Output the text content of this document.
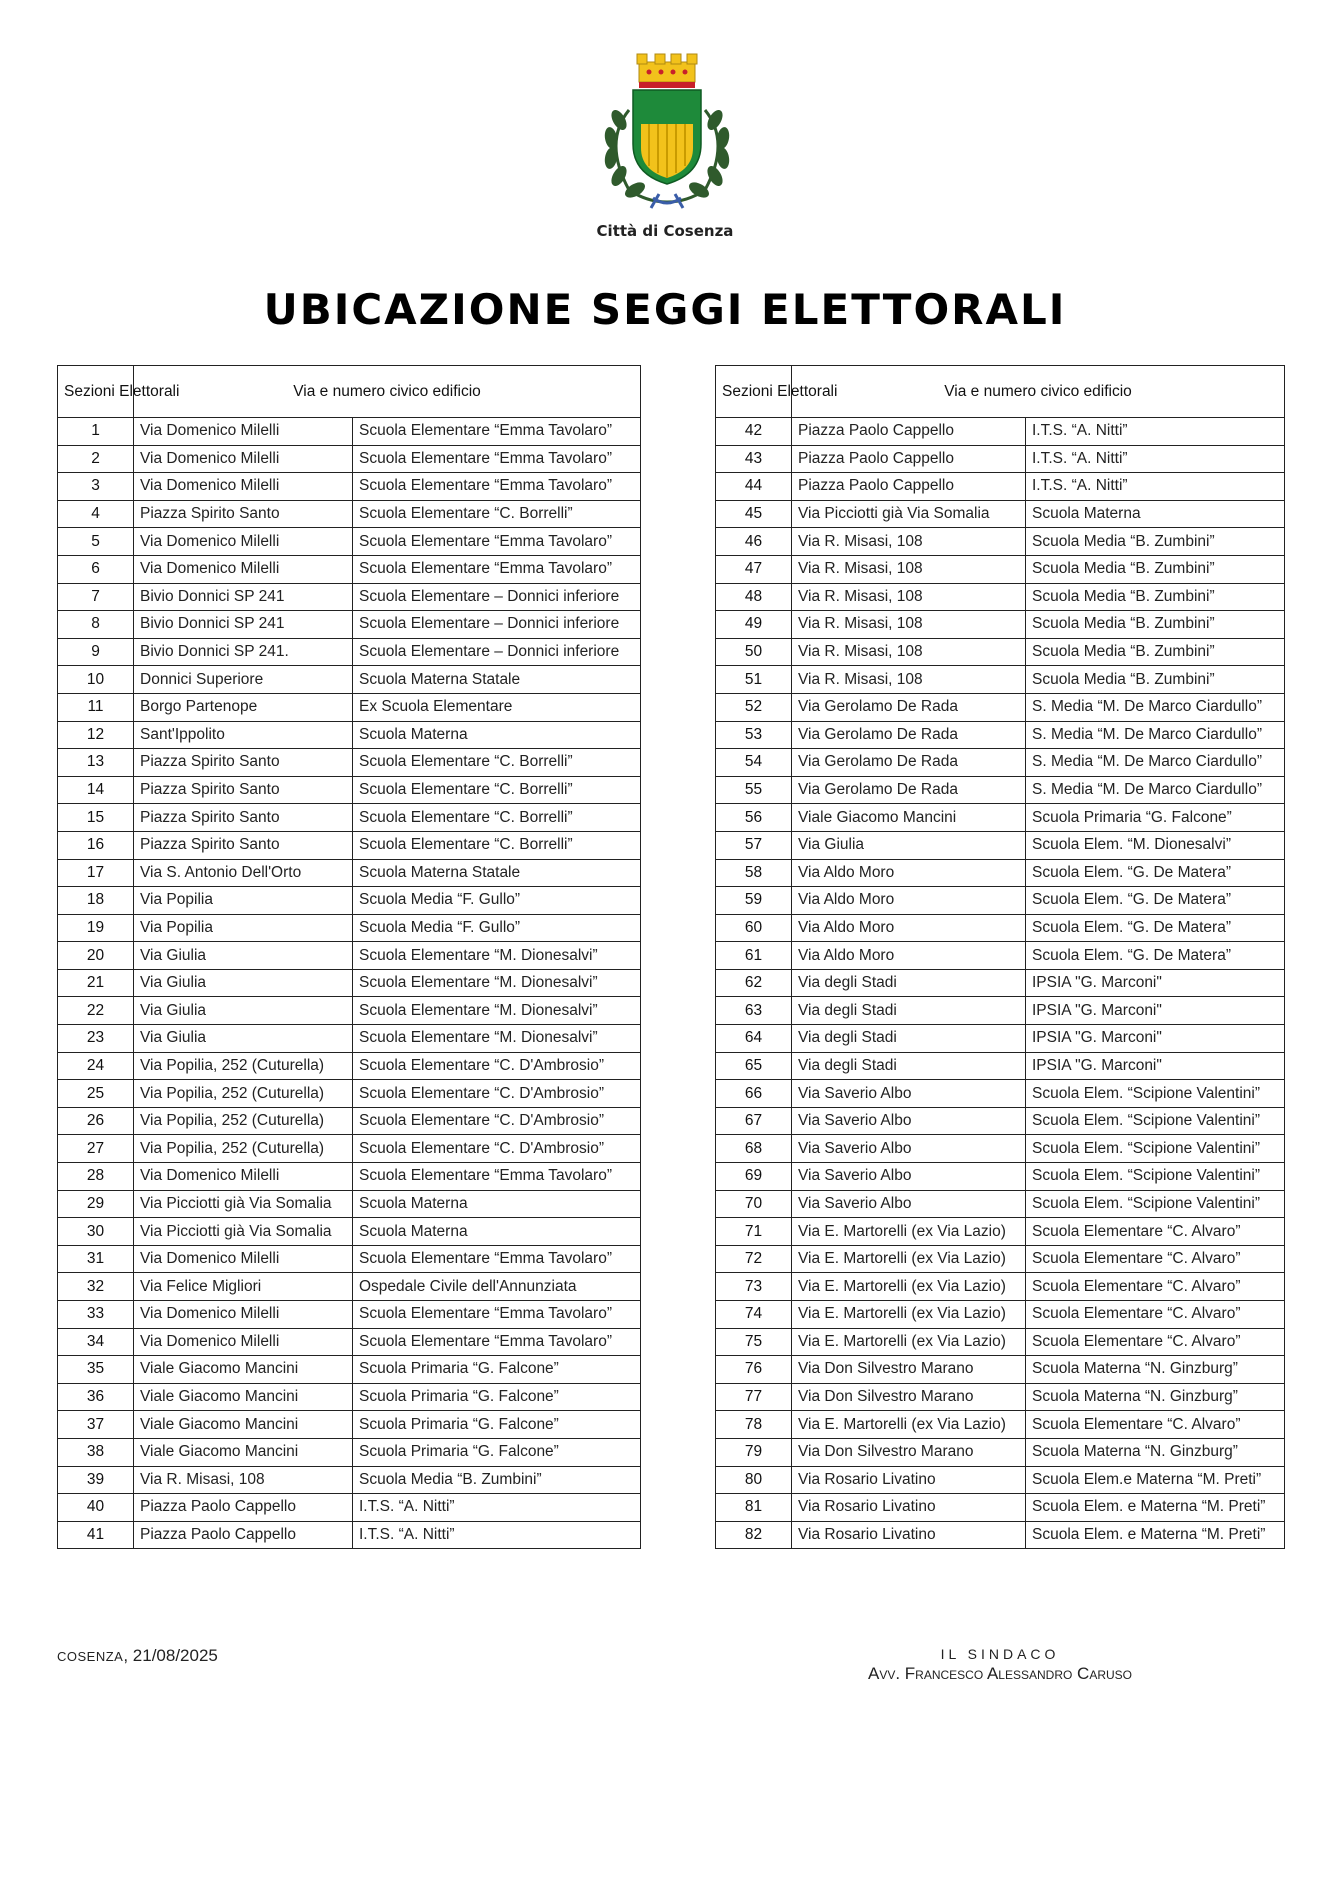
Città di Cosenza
UBICAZIONE SEGGI ELETTORALI
Sezioni Elettorali	Via e numero civico edificio	
1	Via Domenico Milelli	Scuola Elementare “Emma Tavolaro”
2	Via Domenico Milelli	Scuola Elementare “Emma Tavolaro”
3	Via Domenico Milelli	Scuola Elementare “Emma Tavolaro”
4	Piazza Spirito Santo	Scuola Elementare “C. Borrelli”
5	Via Domenico Milelli	Scuola Elementare “Emma Tavolaro”
6	Via Domenico Milelli	Scuola Elementare “Emma Tavolaro”
7	Bivio Donnici SP 241	Scuola Elementare – Donnici inferiore
8	Bivio Donnici SP 241	Scuola Elementare – Donnici inferiore
9	Bivio Donnici SP 241.	Scuola Elementare – Donnici inferiore
10	Donnici Superiore	Scuola Materna Statale
11	Borgo Partenope	Ex Scuola Elementare
12	Sant'Ippolito	Scuola Materna
13	Piazza Spirito Santo	Scuola Elementare “C. Borrelli”
14	Piazza Spirito Santo	Scuola Elementare “C. Borrelli”
15	Piazza Spirito Santo	Scuola Elementare “C. Borrelli”
16	Piazza Spirito Santo	Scuola Elementare “C. Borrelli”
17	Via S. Antonio Dell'Orto	Scuola Materna Statale
18	Via Popilia	Scuola Media “F. Gullo”
19	Via Popilia	Scuola Media “F. Gullo”
20	Via Giulia	Scuola Elementare “M. Dionesalvi”
21	Via Giulia	Scuola Elementare “M. Dionesalvi”
22	Via Giulia	Scuola Elementare “M. Dionesalvi”
23	Via Giulia	Scuola Elementare “M. Dionesalvi”
24	Via Popilia, 252 (Cuturella)	Scuola Elementare “C. D'Ambrosio”
25	Via Popilia, 252 (Cuturella)	Scuola Elementare “C. D'Ambrosio”
26	Via Popilia, 252 (Cuturella)	Scuola Elementare “C. D'Ambrosio”
27	Via Popilia, 252 (Cuturella)	Scuola Elementare “C. D'Ambrosio”
28	Via Domenico Milelli	Scuola Elementare “Emma Tavolaro”
29	Via Picciotti già Via Somalia	Scuola Materna
30	Via Picciotti già Via Somalia	Scuola Materna
31	Via Domenico Milelli	Scuola Elementare “Emma Tavolaro”
32	Via Felice Migliori	Ospedale Civile dell'Annunziata
33	Via Domenico Milelli	Scuola Elementare “Emma Tavolaro”
34	Via Domenico Milelli	Scuola Elementare “Emma Tavolaro”
35	Viale Giacomo Mancini	Scuola Primaria “G. Falcone”
36	Viale Giacomo Mancini	Scuola Primaria “G. Falcone”
37	Viale Giacomo Mancini	Scuola Primaria “G. Falcone”
38	Viale Giacomo Mancini	Scuola Primaria “G. Falcone”
39	Via R. Misasi, 108	Scuola Media “B. Zumbini”
40	Piazza Paolo Cappello	I.T.S. “A. Nitti”
41	Piazza Paolo Cappello	I.T.S. “A. Nitti”
Sezioni Elettorali	Via e numero civico edificio	
42	Piazza Paolo Cappello	I.T.S. “A. Nitti”
43	Piazza Paolo Cappello	I.T.S. “A. Nitti”
44	Piazza Paolo Cappello	I.T.S. “A. Nitti”
45	Via Picciotti già Via Somalia	Scuola Materna
46	Via R. Misasi, 108	Scuola Media “B. Zumbini”
47	Via R. Misasi, 108	Scuola Media “B. Zumbini”
48	Via R. Misasi, 108	Scuola Media “B. Zumbini”
49	Via R. Misasi, 108	Scuola Media “B. Zumbini”
50	Via R. Misasi, 108	Scuola Media “B. Zumbini”
51	Via R. Misasi, 108	Scuola Media “B. Zumbini”
52	Via Gerolamo De Rada	S. Media “M. De Marco Ciardullo”
53	Via Gerolamo De Rada	S. Media “M. De Marco Ciardullo”
54	Via Gerolamo De Rada	S. Media “M. De Marco Ciardullo”
55	Via Gerolamo De Rada	S. Media “M. De Marco Ciardullo”
56	Viale Giacomo Mancini	Scuola Primaria “G. Falcone”
57	Via Giulia	Scuola Elem. “M. Dionesalvi”
58	Via Aldo Moro	Scuola Elem. “G. De Matera”
59	Via Aldo Moro	Scuola Elem. “G. De Matera”
60	Via Aldo Moro	Scuola Elem. “G. De Matera”
61	Via Aldo Moro	Scuola Elem. “G. De Matera”
62	Via degli Stadi	IPSIA "G. Marconi"
63	Via degli Stadi	IPSIA "G. Marconi"
64	Via degli Stadi	IPSIA "G. Marconi"
65	Via degli Stadi	IPSIA "G. Marconi"
66	Via Saverio Albo	Scuola Elem. “Scipione Valentini”
67	Via Saverio Albo	Scuola Elem. “Scipione Valentini”
68	Via Saverio Albo	Scuola Elem. “Scipione Valentini”
69	Via Saverio Albo	Scuola Elem. “Scipione Valentini”
70	Via Saverio Albo	Scuola Elem. “Scipione Valentini”
71	Via E. Martorelli (ex Via Lazio)	Scuola Elementare “C. Alvaro”
72	Via E. Martorelli (ex Via Lazio)	Scuola Elementare “C. Alvaro”
73	Via E. Martorelli (ex Via Lazio)	Scuola Elementare “C. Alvaro”
74	Via E. Martorelli (ex Via Lazio)	Scuola Elementare “C. Alvaro”
75	Via E. Martorelli (ex Via Lazio)	Scuola Elementare “C. Alvaro”
76	Via Don Silvestro Marano	Scuola Materna “N. Ginzburg”
77	Via Don Silvestro Marano	Scuola Materna “N. Ginzburg”
78	Via E. Martorelli (ex Via Lazio)	Scuola Elementare “C. Alvaro”
79	Via Don Silvestro Marano	Scuola Materna “N. Ginzburg”
80	Via Rosario Livatino	Scuola Elem.e Materna “M. Preti”
81	Via Rosario Livatino	Scuola Elem. e Materna “M. Preti”
82	Via Rosario Livatino	Scuola Elem. e Materna “M. Preti”
COSENZA, 21/08/2025	IL SINDACO
Avv. Francesco Alessandro Caruso
